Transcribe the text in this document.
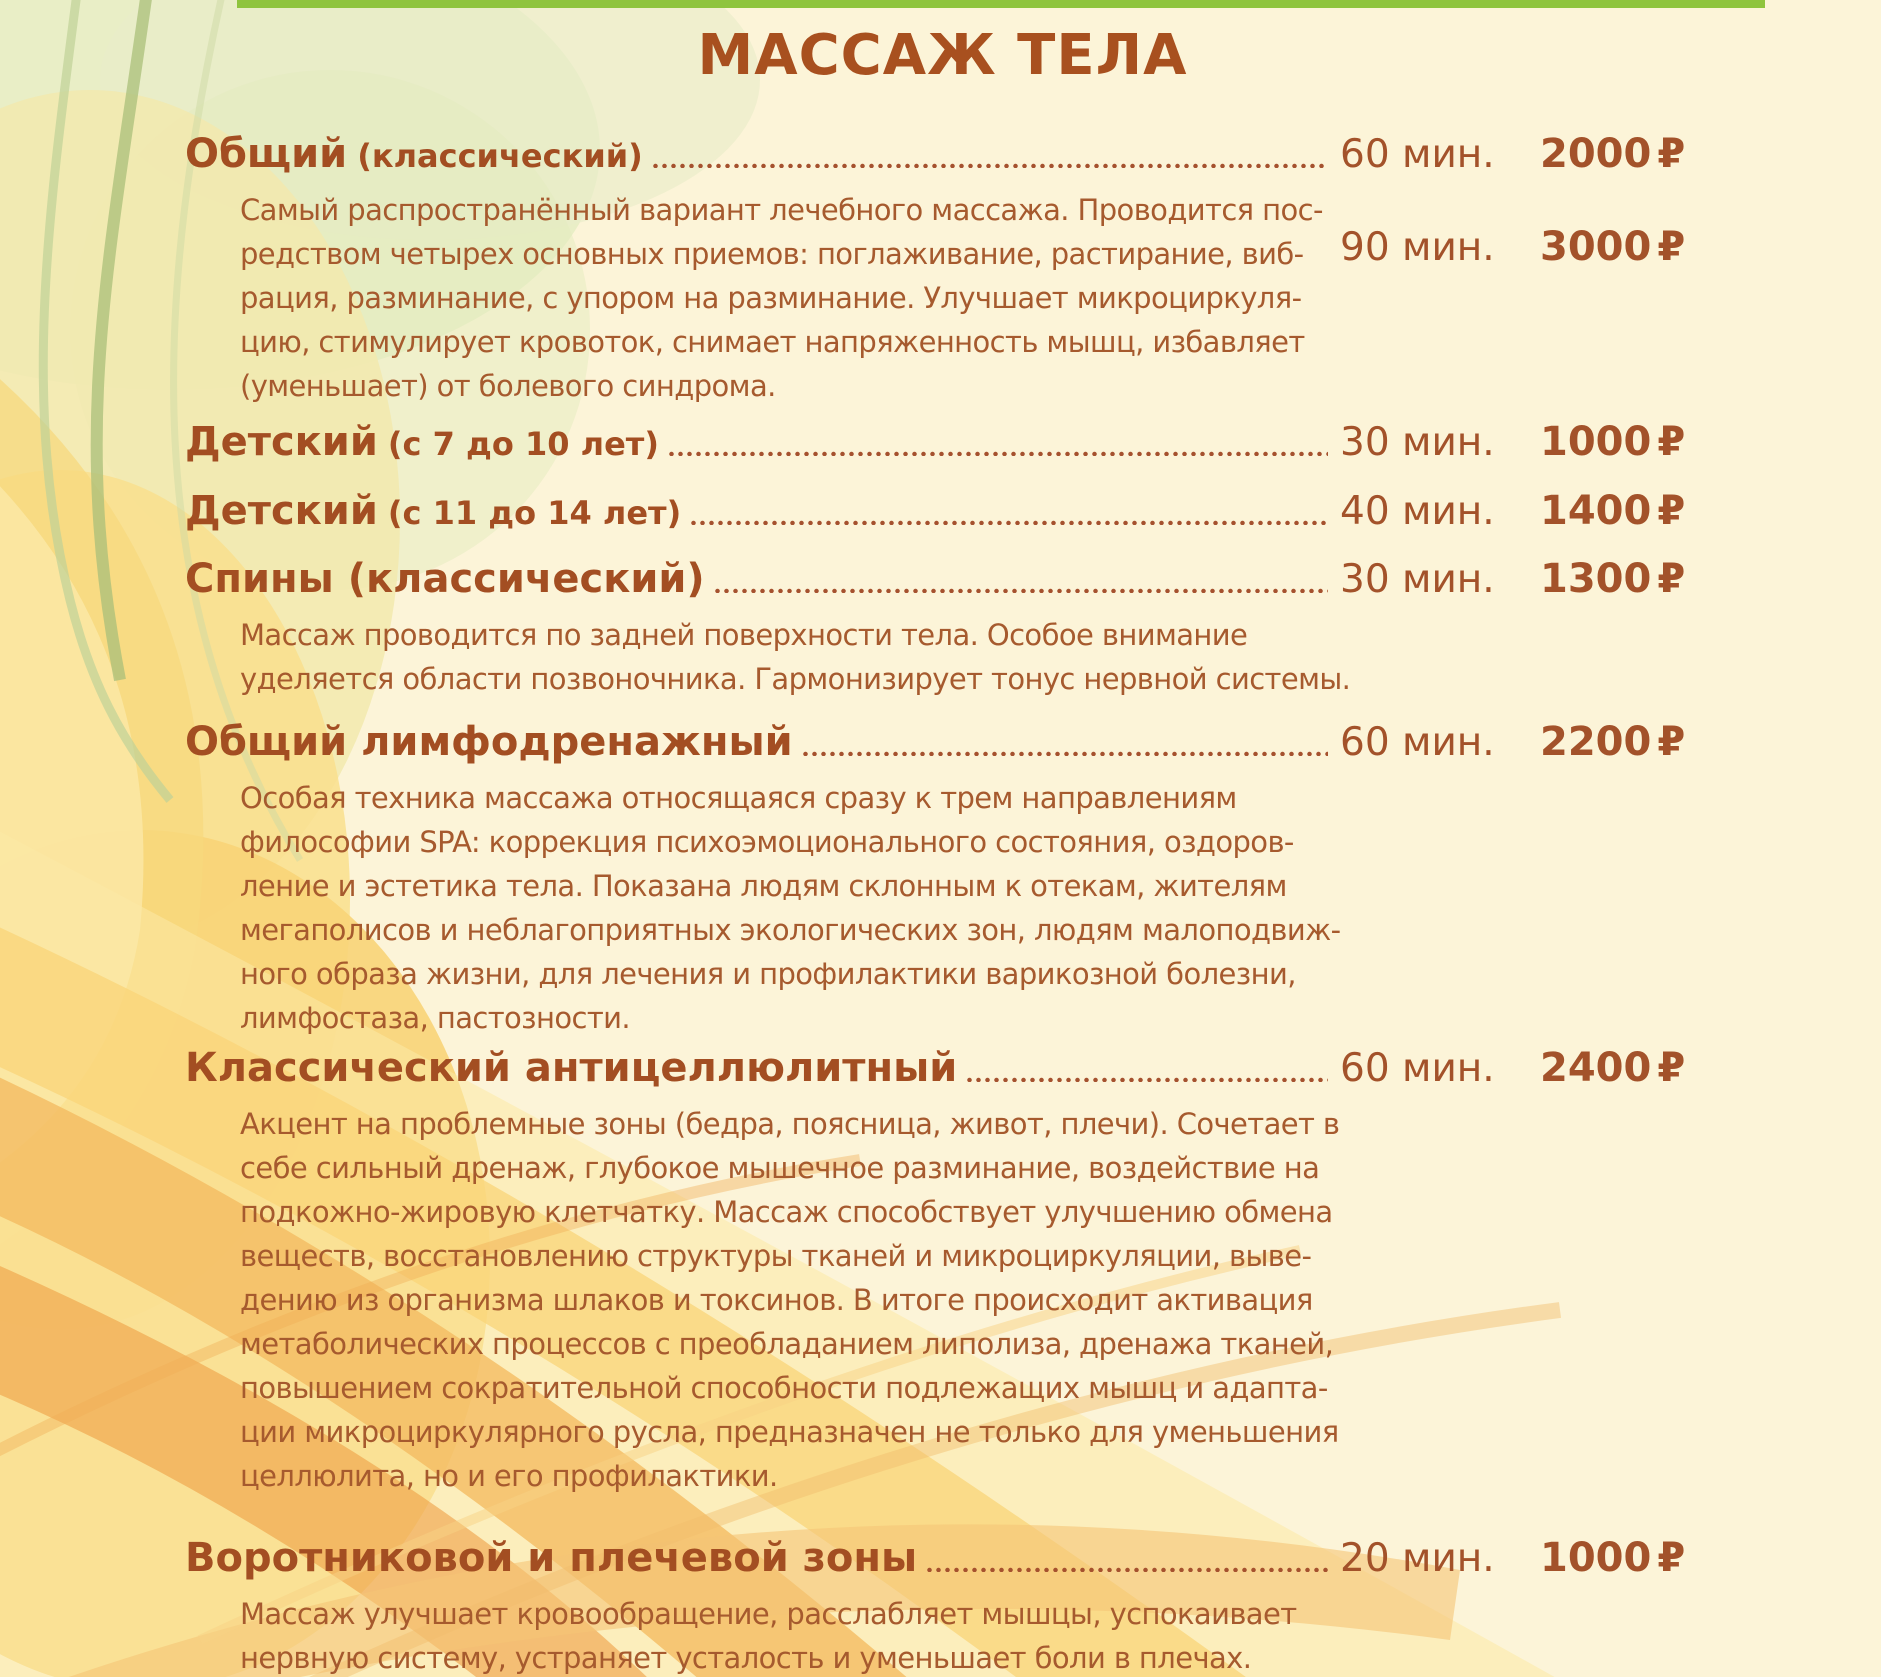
МАССАЖ ТЕЛА
Общий (классический)	60 мин.	2000 ₽
90 мин.	3000 ₽
Самый распространённый вариант лечебного массажа. Проводится пос-
редством четырех основных приемов: поглаживание, растирание, виб-
рация, разминание, с упором на разминание. Улучшает микроциркуля-
цию, стимулирует кровоток, снимает напряженность мышц, избавляет
(уменьшает) от болевого синдрома.
Детский (с 7 до 10 лет)	30 мин.	1000 ₽
Детский (с 11 до 14 лет)	40 мин.	1400 ₽
Спины (классический)	30 мин.	1300 ₽
Массаж проводится по задней поверхности тела. Особое внимание
уделяется области позвоночника. Гармонизирует тонус нервной системы.
Общий лимфодренажный	60 мин.	2200 ₽
Особая техника массажа относящаяся сразу к трем направлениям
философии SPA: коррекция психоэмоционального состояния, оздоров-
ление и эстетика тела. Показана людям склонным к отекам, жителям
мегаполисов и неблагоприятных экологических зон, людям малоподвиж-
ного образа жизни, для лечения и профилактики варикозной болезни,
лимфостаза, пастозности.
Классический антицеллюлитный	60 мин.	2400 ₽
Акцент на проблемные зоны (бедра, поясница, живот, плечи). Сочетает в
себе сильный дренаж, глубокое мышечное разминание, воздействие на
подкожно-жировую клетчатку. Массаж способствует улучшению обмена
веществ, восстановлению структуры тканей и микроциркуляции, выве-
дению из организма шлаков и токсинов. В итоге происходит активация
метаболических процессов с преобладанием липолиза, дренажа тканей,
повышением сократительной способности подлежащих мышц и адапта-
ции микроциркулярного русла, предназначен не только для уменьшения
целлюлита, но и его профилактики.
Воротниковой и плечевой зоны	20 мин.	1000 ₽
Массаж улучшает кровообращение, расслабляет мышцы, успокаивает
нервную систему, устраняет усталость и уменьшает боли в плечах.
